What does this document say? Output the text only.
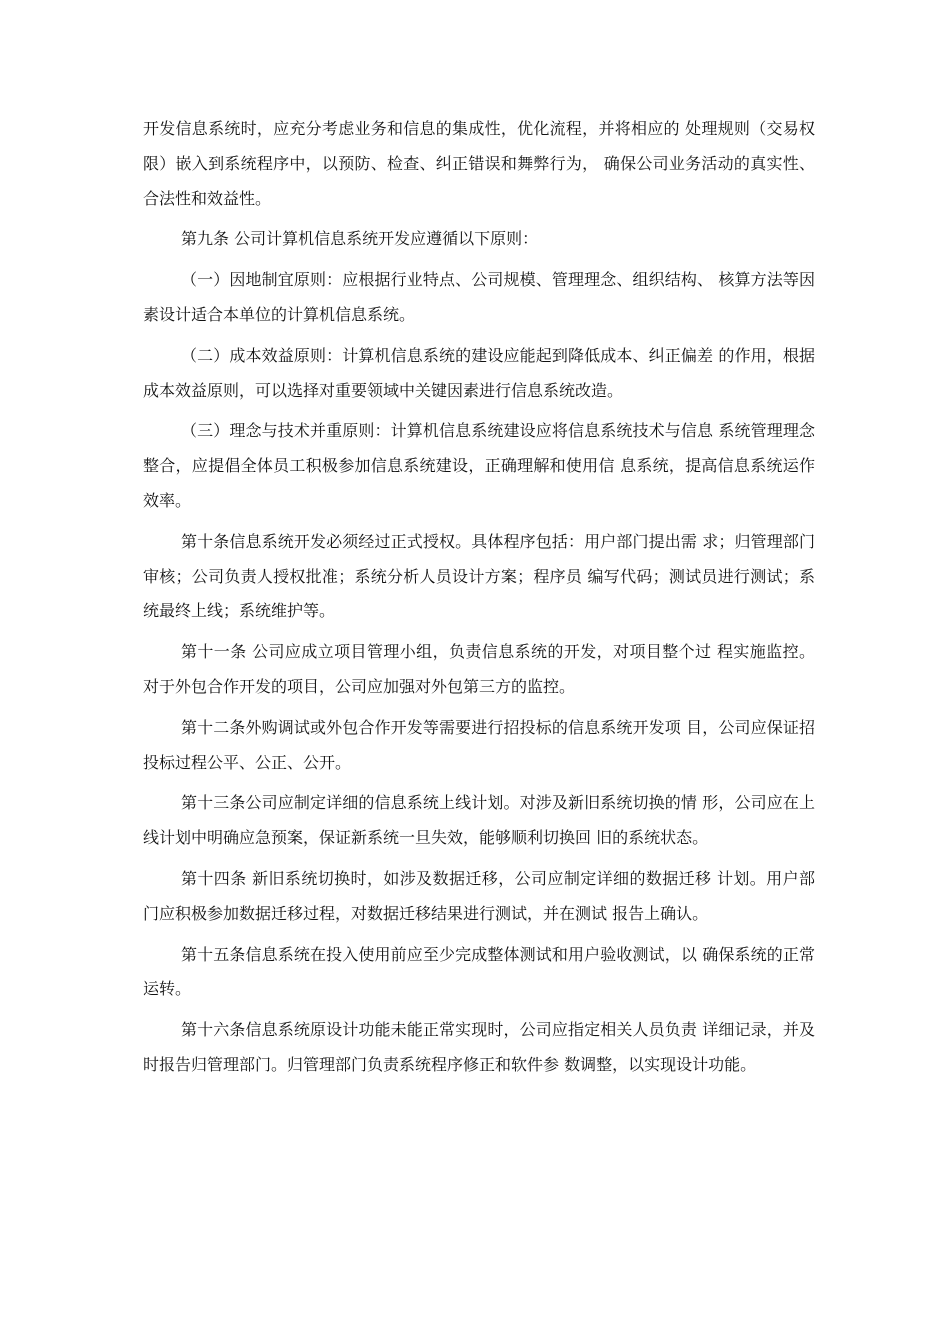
开发信息系统时，应充分考虑业务和信息的集成性，优化流程，并将相应的 处理规则（交易权限）嵌入到系统程序中，以预防、检查、纠正错误和舞弊行为， 确保公司业务活动的真实性、合法性和效益性。

第九条 公司计算机信息系统开发应遵循以下原则：

（一）因地制宜原则：应根据行业特点、公司规模、管理理念、组织结构、 核算方法等因素设计适合本单位的计算机信息系统。

（二）成本效益原则：计算机信息系统的建设应能起到降低成本、纠正偏差 的作用，根据成本效益原则，可以选择对重要领域中关键因素进行信息系统改造。

（三）理念与技术并重原则：计算机信息系统建设应将信息系统技术与信息 系统管理理念整合，应提倡全体员工积极参加信息系统建设，正确理解和使用信 息系统，提高信息系统运作效率。

第十条信息系统开发必须经过正式授权。具体程序包括：用户部门提出需 求；归管理部门审核；公司负责人授权批准；系统分析人员设计方案；程序员 编写代码；测试员进行测试；系统最终上线；系统维护等。

第十一条 公司应成立项目管理小组，负责信息系统的开发，对项目整个过 程实施监控。对于外包合作开发的项目，公司应加强对外包第三方的监控。

第十二条外购调试或外包合作开发等需要进行招投标的信息系统开发项 目，公司应保证招投标过程公平、公正、公开。

第十三条公司应制定详细的信息系统上线计划。对涉及新旧系统切换的情 形，公司应在上线计划中明确应急预案，保证新系统一旦失效，能够顺利切换回 旧的系统状态。

第十四条 新旧系统切换时，如涉及数据迁移，公司应制定详细的数据迁移 计划。用户部门应积极参加数据迁移过程，对数据迁移结果进行测试，并在测试 报告上确认。

第十五条信息系统在投入使用前应至少完成整体测试和用户验收测试，以 确保系统的正常运转。

第十六条信息系统原设计功能未能正常实现时，公司应指定相关人员负责 详细记录，并及时报告归管理部门。归管理部门负责系统程序修正和软件参 数调整，以实现设计功能。
